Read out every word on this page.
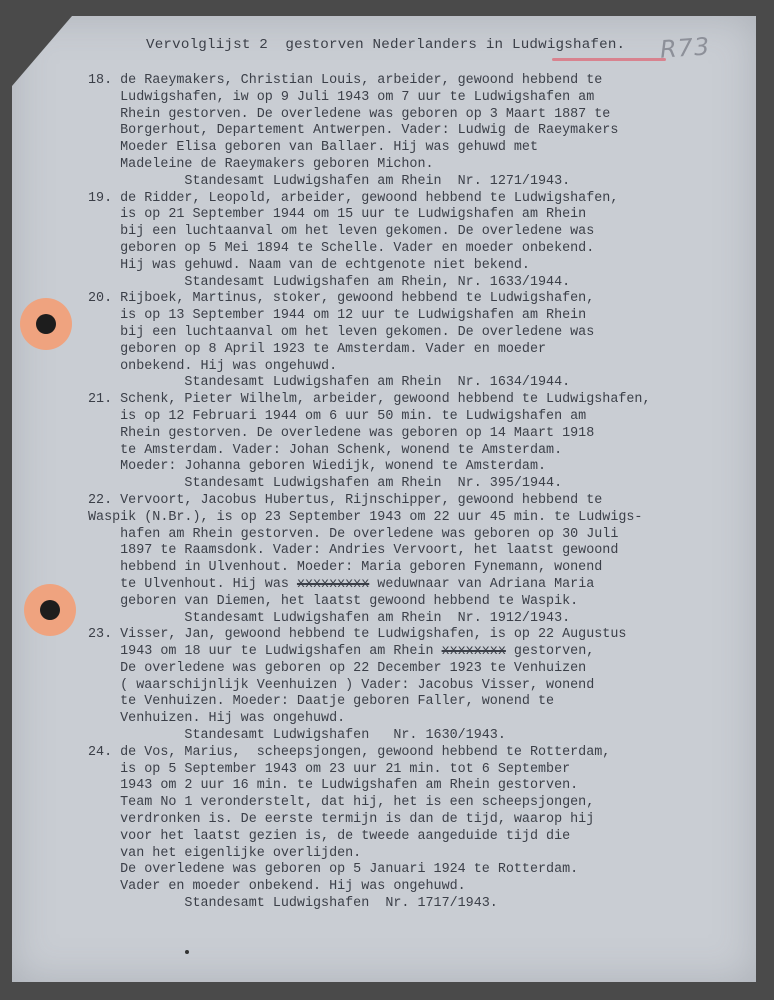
Vervolglijst 2  gestorven Nederlanders in Ludwigshafen. R73
18. de Raeymakers, Christian Louis, arbeider, gewoond hebbend te
Ludwigshafen, iw op 9 Juli 1943 om 7 uur te Ludwigshafen am
Rhein gestorven. De overledene was geboren op 3 Maart 1887 te
Borgerhout, Departement Antwerpen. Vader: Ludwig de Raeymakers
Moeder Elisa geboren van Ballaer. Hij was gehuwd met
Madeleine de Raeymakers geboren Michon.
Standesamt Ludwigshafen am Rhein  Nr. 1271/1943.
19. de Ridder, Leopold, arbeider, gewoond hebbend te Ludwigshafen,
is op 21 September 1944 om 15 uur te Ludwigshafen am Rhein
bij een luchtaanval om het leven gekomen. De overledene was
geboren op 5 Mei 1894 te Schelle. Vader en moeder onbekend.
Hij was gehuwd. Naam van de echtgenote niet bekend.
Standesamt Ludwigshafen am Rhein, Nr. 1633/1944.
20. Rijboek, Martinus, stoker, gewoond hebbend te Ludwigshafen,
is op 13 September 1944 om 12 uur te Ludwigshafen am Rhein
bij een luchtaanval om het leven gekomen. De overledene was
geboren op 8 April 1923 te Amsterdam. Vader en moeder
onbekend. Hij was ongehuwd.
Standesamt Ludwigshafen am Rhein  Nr. 1634/1944.
21. Schenk, Pieter Wilhelm, arbeider, gewoond hebbend te Ludwigshafen,
is op 12 Februari 1944 om 6 uur 50 min. te Ludwigshafen am
Rhein gestorven. De overledene was geboren op 14 Maart 1918
te Amsterdam. Vader: Johan Schenk, wonend te Amsterdam.
Moeder: Johanna geboren Wiedijk, wonend te Amsterdam.
Standesamt Ludwigshafen am Rhein  Nr. 395/1944.
22. Vervoort, Jacobus Hubertus, Rijnschipper, gewoond hebbend te
Waspik (N.Br.), is op 23 September 1943 om 22 uur 45 min. te Ludwigs-
hafen am Rhein gestorven. De overledene was geboren op 30 Juli
1897 te Raamsdonk. Vader: Andries Vervoort, het laatst gewoond
hebbend in Ulvenhout. Moeder: Maria geboren Fynemann, wonend
te Ulvenhout. Hij was xxxxxxxxx weduwnaar van Adriana Maria
geboren van Diemen, het laatst gewoond hebbend te Waspik.
Standesamt Ludwigshafen am Rhein  Nr. 1912/1943.
23. Visser, Jan, gewoond hebbend te Ludwigshafen, is op 22 Augustus
1943 om 18 uur te Ludwigshafen am Rhein xxxxxxxx gestorven,
De overledene was geboren op 22 December 1923 te Venhuizen
( waarschijnlijk Veenhuizen ) Vader: Jacobus Visser, wonend
te Venhuizen. Moeder: Daatje geboren Faller, wonend te
Venhuizen. Hij was ongehuwd.
Standesamt Ludwigshafen   Nr. 1630/1943.
24. de Vos, Marius,  scheepsjongen, gewoond hebbend te Rotterdam,
is op 5 September 1943 om 23 uur 21 min. tot 6 September
1943 om 2 uur 16 min. te Ludwigshafen am Rhein gestorven.
Team No 1 veronderstelt, dat hij, het is een scheepsjongen,
verdronken is. De eerste termijn is dan de tijd, waarop hij
voor het laatst gezien is, de tweede aangeduide tijd die
van het eigenlijke overlijden.
De overledene was geboren op 5 Januari 1924 te Rotterdam.
Vader en moeder onbekend. Hij was ongehuwd.
Standesamt Ludwigshafen  Nr. 1717/1943.
